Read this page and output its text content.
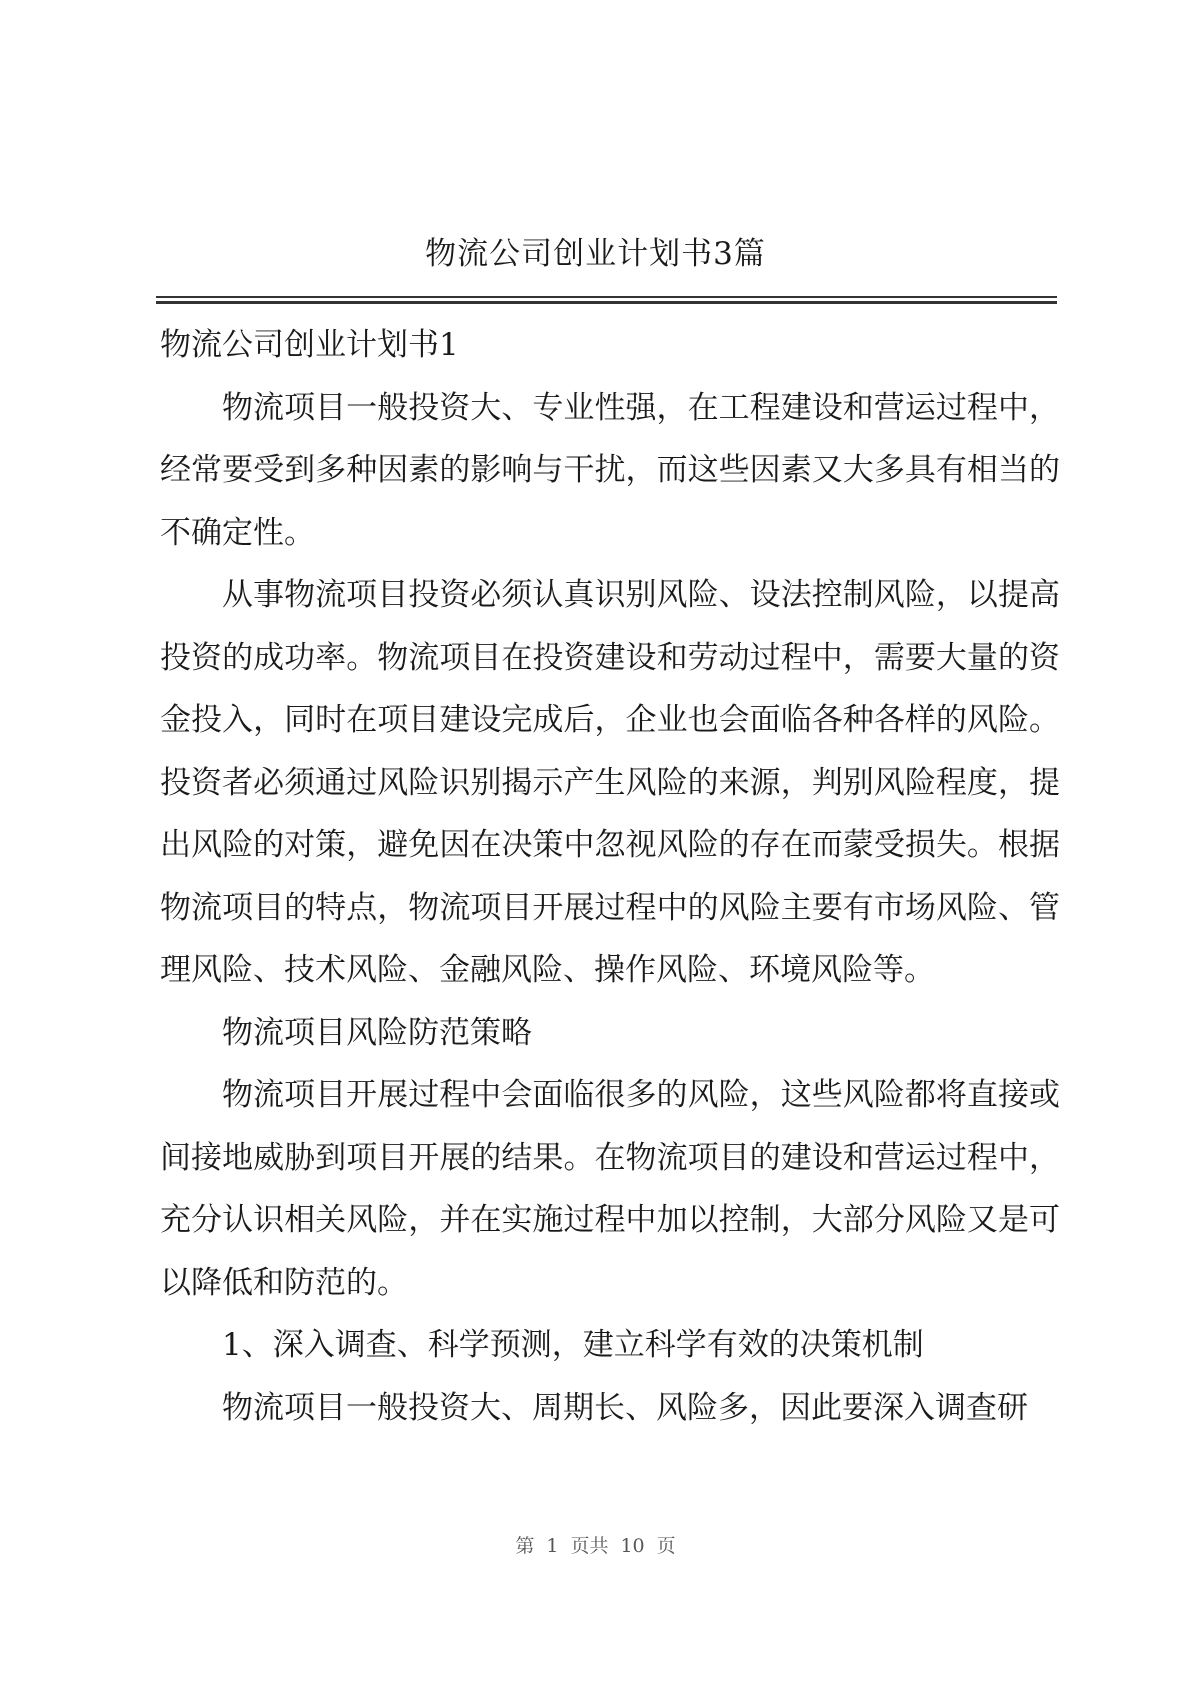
物流公司创业计划书3篇

物流公司创业计划书1

物流项目一般投资大、专业性强，在工程建设和营运过程中，经常要受到多种因素的影响与干扰，而这些因素又大多具有相当的不确定性。

从事物流项目投资必须认真识别风险、设法控制风险，以提高投资的成功率。物流项目在投资建设和劳动过程中，需要大量的资金投入，同时在项目建设完成后，企业也会面临各种各样的风险。投资者必须通过风险识别揭示产生风险的来源，判别风险程度，提出风险的对策，避免因在决策中忽视风险的存在而蒙受损失。根据物流项目的特点，物流项目开展过程中的风险主要有市场风险、管理风险、技术风险、金融风险、操作风险、环境风险等。

物流项目风险防范策略

物流项目开展过程中会面临很多的风险，这些风险都将直接或间接地威胁到项目开展的结果。在物流项目的建设和营运过程中，充分认识相关风险，并在实施过程中加以控制，大部分风险又是可以降低和防范的。

1、深入调查、科学预测，建立科学有效的决策机制

物流项目一般投资大、周期长、风险多，因此要深入调查研

第 1 页共 10 页
